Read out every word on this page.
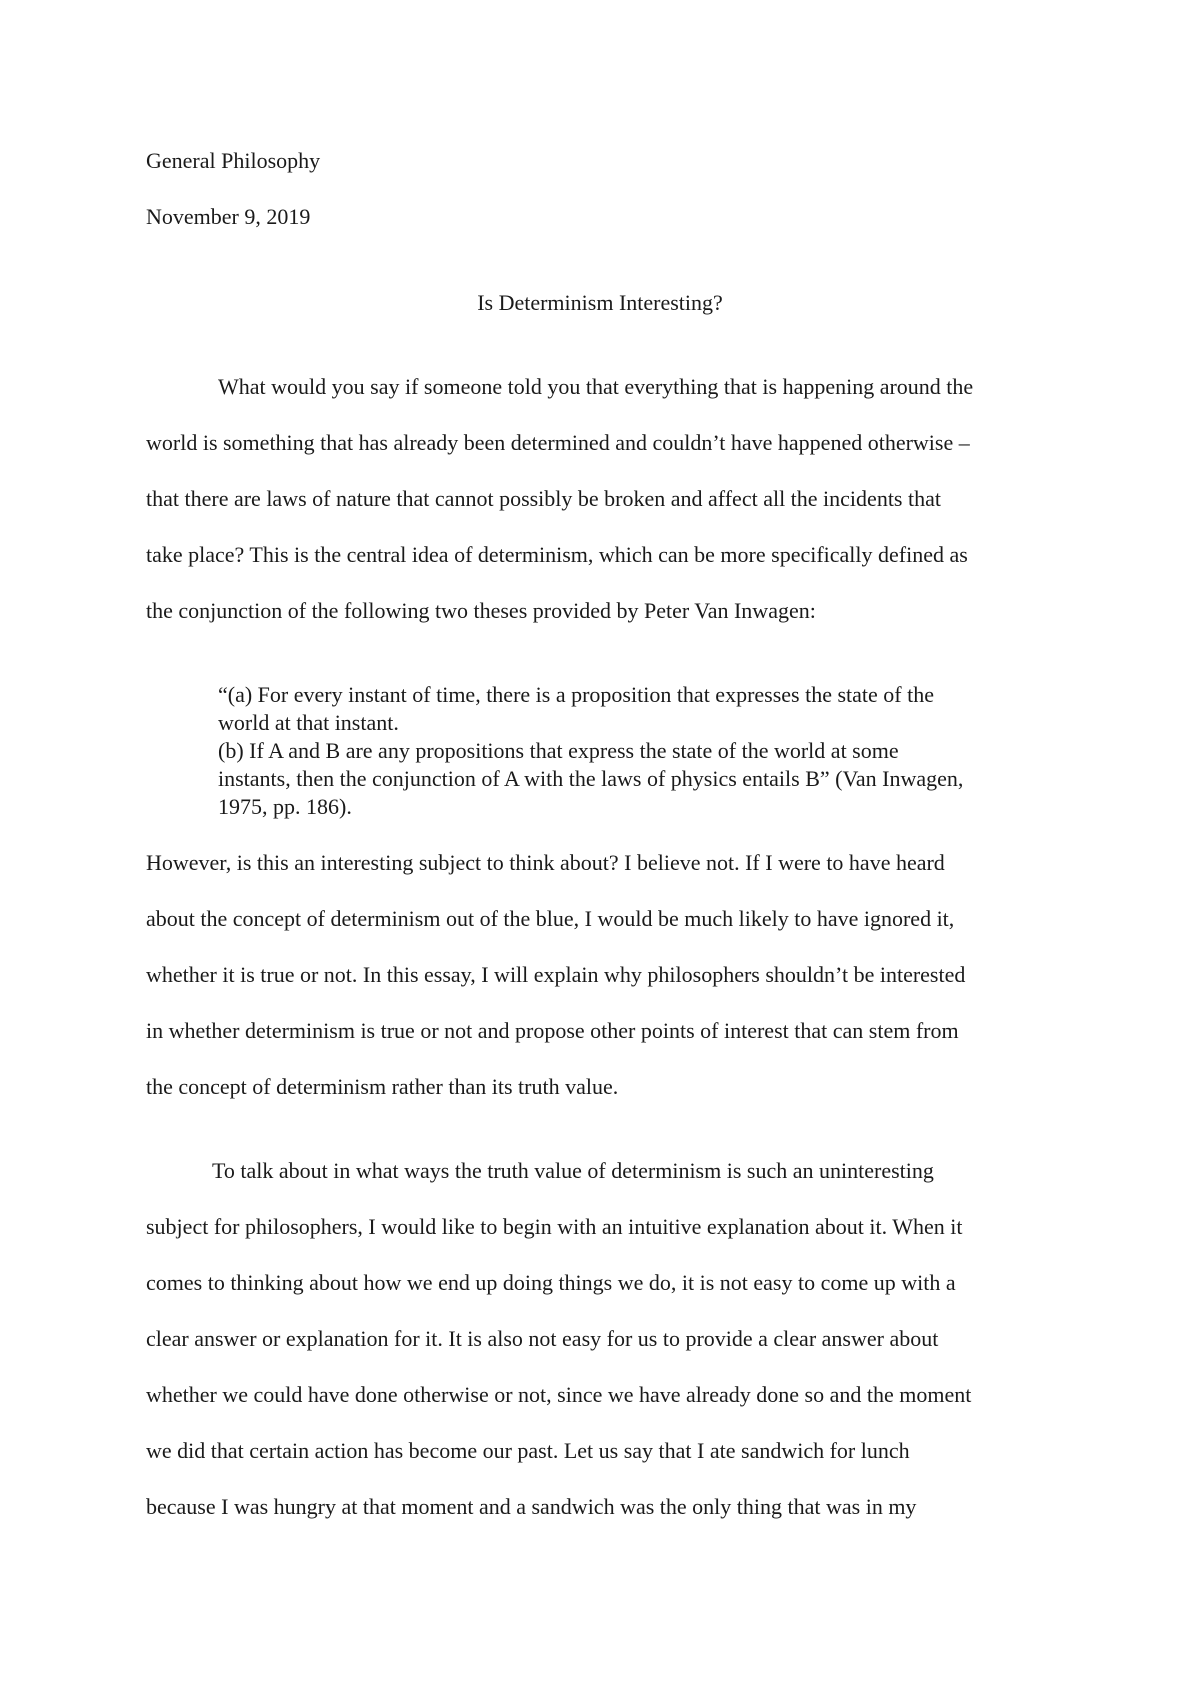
General Philosophy
November 9, 2019
Is Determinism Interesting?
What would you say if someone told you that everything that is happening around the
world is something that has already been determined and couldn’t have happened otherwise –
that there are laws of nature that cannot possibly be broken and affect all the incidents that
take place? This is the central idea of determinism, which can be more specifically defined as
the conjunction of the following two theses provided by Peter Van Inwagen:
“(a) For every instant of time, there is a proposition that expresses the state of the
world at that instant.
(b) If A and B are any propositions that express the state of the world at some
instants, then the conjunction of A with the laws of physics entails B” (Van Inwagen,
1975, pp. 186).
However, is this an interesting subject to think about? I believe not. If I were to have heard
about the concept of determinism out of the blue, I would be much likely to have ignored it,
whether it is true or not. In this essay, I will explain why philosophers shouldn’t be interested
in whether determinism is true or not and propose other points of interest that can stem from
the concept of determinism rather than its truth value.
To talk about in what ways the truth value of determinism is such an uninteresting
subject for philosophers, I would like to begin with an intuitive explanation about it. When it
comes to thinking about how we end up doing things we do, it is not easy to come up with a
clear answer or explanation for it. It is also not easy for us to provide a clear answer about
whether we could have done otherwise or not, since we have already done so and the moment
we did that certain action has become our past. Let us say that I ate sandwich for lunch
because I was hungry at that moment and a sandwich was the only thing that was in my
